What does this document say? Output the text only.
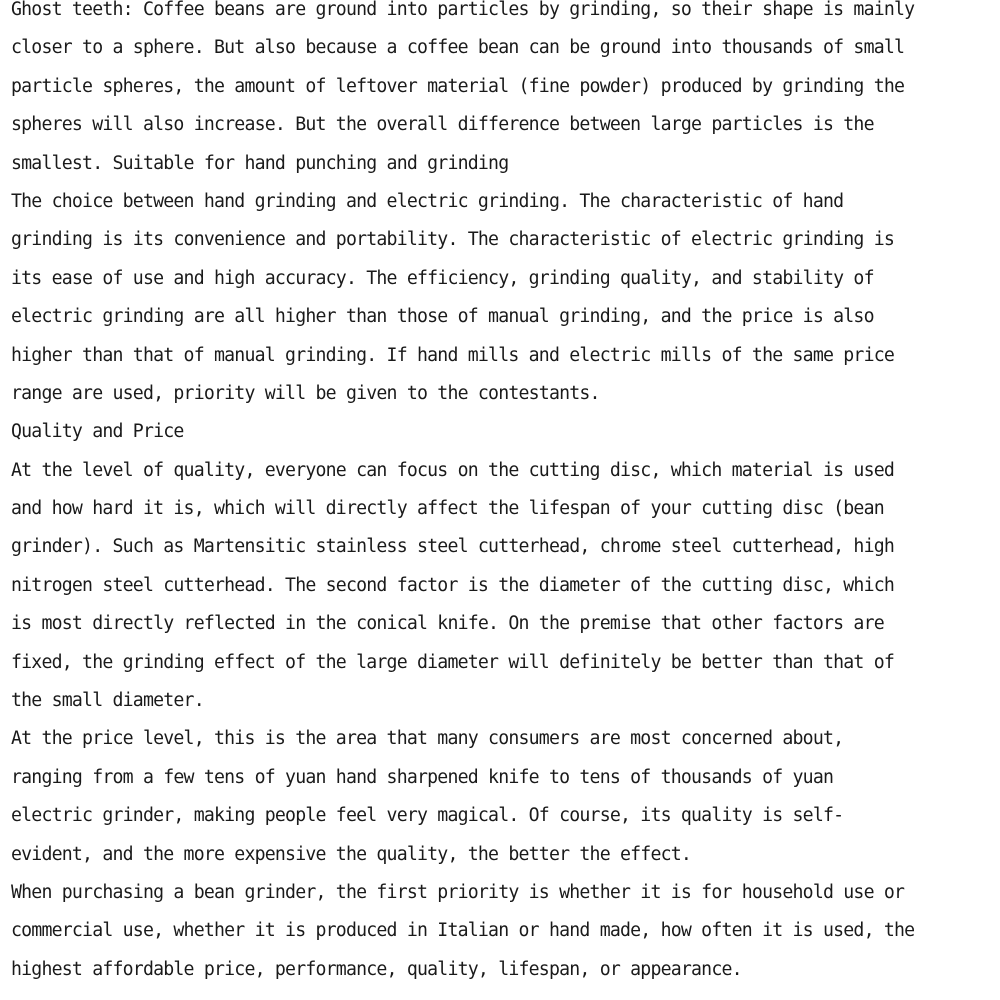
Ghost teeth: Coffee beans are ground into particles by grinding, so their shape is mainly
closer to a sphere. But also because a coffee bean can be ground into thousands of small
particle spheres, the amount of leftover material (fine powder) produced by grinding the
spheres will also increase. But the overall difference between large particles is the
smallest. Suitable for hand punching and grinding
The choice between hand grinding and electric grinding. The characteristic of hand
grinding is its convenience and portability. The characteristic of electric grinding is
its ease of use and high accuracy. The efficiency, grinding quality, and stability of
electric grinding are all higher than those of manual grinding, and the price is also
higher than that of manual grinding. If hand mills and electric mills of the same price
range are used, priority will be given to the contestants.
Quality and Price
At the level of quality, everyone can focus on the cutting disc, which material is used
and how hard it is, which will directly affect the lifespan of your cutting disc (bean
grinder). Such as Martensitic stainless steel cutterhead, chrome steel cutterhead, high
nitrogen steel cutterhead. The second factor is the diameter of the cutting disc, which
is most directly reflected in the conical knife. On the premise that other factors are
fixed, the grinding effect of the large diameter will definitely be better than that of
the small diameter.
At the price level, this is the area that many consumers are most concerned about,
ranging from a few tens of yuan hand sharpened knife to tens of thousands of yuan
electric grinder, making people feel very magical. Of course, its quality is self-
evident, and the more expensive the quality, the better the effect.
When purchasing a bean grinder, the first priority is whether it is for household use or
commercial use, whether it is produced in Italian or hand made, how often it is used, the
highest affordable price, performance, quality, lifespan, or appearance.
